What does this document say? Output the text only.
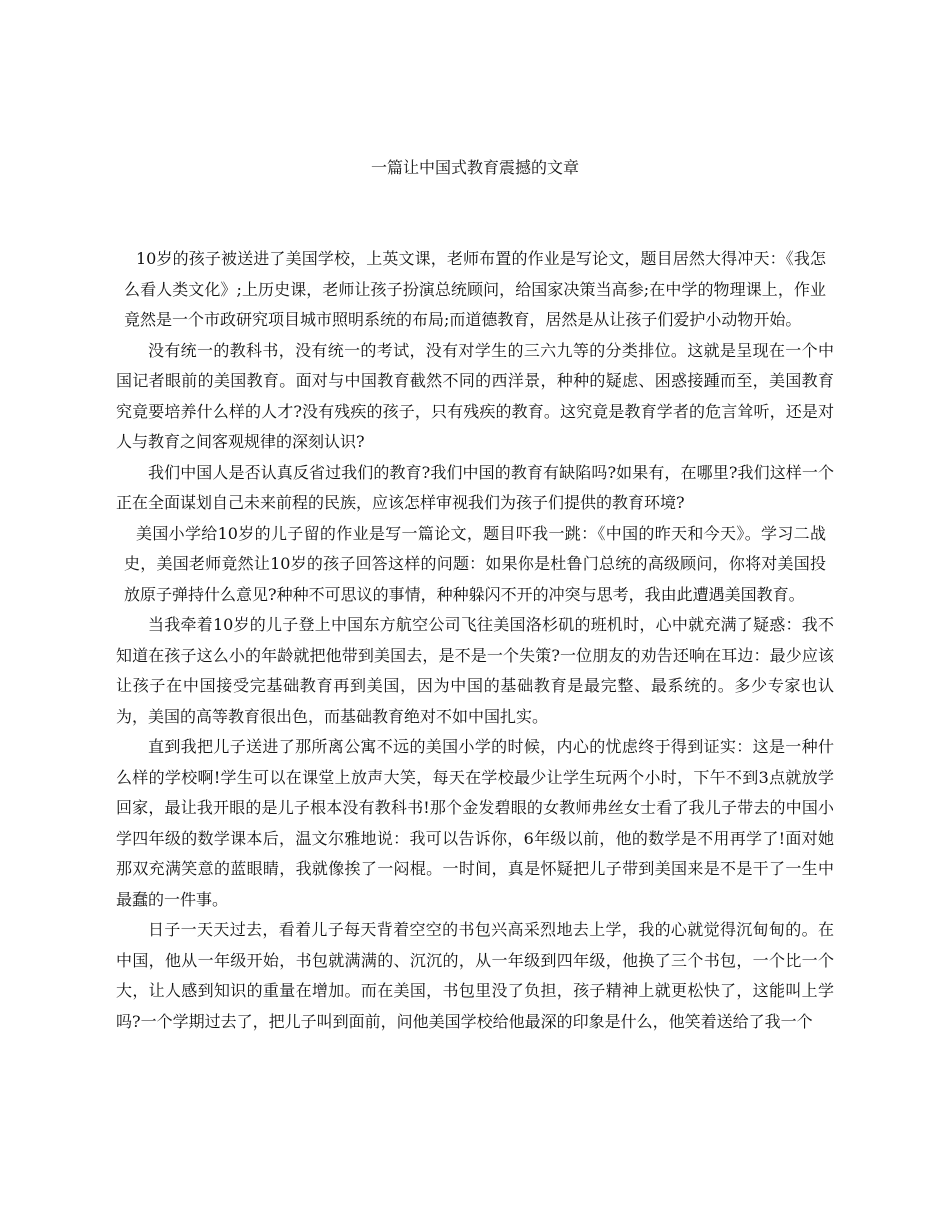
一篇让中国式教育震撼的文章

10岁的孩子被送进了美国学校，上英文课，老师布置的作业是写论文，题目居然大得冲天：《我怎么看人类文化》;上历史课，老师让孩子扮演总统顾问，给国家决策当高参;在中学的物理课上，作业竟然是一个市政研究项目城市照明系统的布局;而道德教育，居然是从让孩子们爱护小动物开始。

没有统一的教科书，没有统一的考试，没有对学生的三六九等的分类排位。这就是呈现在一个中国记者眼前的美国教育。面对与中国教育截然不同的西洋景，种种的疑虑、困惑接踵而至，美国教育究竟要培养什么样的人才?没有残疾的孩子，只有残疾的教育。这究竟是教育学者的危言耸听，还是对人与教育之间客观规律的深刻认识?

我们中国人是否认真反省过我们的教育?我们中国的教育有缺陷吗?如果有，在哪里?我们这样一个正在全面谋划自己未来前程的民族，应该怎样审视我们为孩子们提供的教育环境?

美国小学给10岁的儿子留的作业是写一篇论文，题目吓我一跳：《中国的昨天和今天》。学习二战史，美国老师竟然让10岁的孩子回答这样的问题：如果你是杜鲁门总统的高级顾问，你将对美国投放原子弹持什么意见?种种不可思议的事情，种种躲闪不开的冲突与思考，我由此遭遇美国教育。

当我牵着10岁的儿子登上中国东方航空公司飞往美国洛杉矶的班机时，心中就充满了疑惑：我不知道在孩子这么小的年龄就把他带到美国去，是不是一个失策?一位朋友的劝告还响在耳边：最少应该让孩子在中国接受完基础教育再到美国，因为中国的基础教育是最完整、最系统的。多少专家也认为，美国的高等教育很出色，而基础教育绝对不如中国扎实。

直到我把儿子送进了那所离公寓不远的美国小学的时候，内心的忧虑终于得到证实：这是一种什么样的学校啊!学生可以在课堂上放声大笑，每天在学校最少让学生玩两个小时，下午不到3点就放学回家，最让我开眼的是儿子根本没有教科书!那个金发碧眼的女教师弗丝女士看了我儿子带去的中国小学四年级的数学课本后，温文尔雅地说：我可以告诉你，6年级以前，他的数学是不用再学了!面对她那双充满笑意的蓝眼睛，我就像挨了一闷棍。一时间，真是怀疑把儿子带到美国来是不是干了一生中最蠢的一件事。

日子一天天过去，看着儿子每天背着空空的书包兴高采烈地去上学，我的心就觉得沉甸甸的。在中国，他从一年级开始，书包就满满的、沉沉的，从一年级到四年级，他换了三个书包，一个比一个大，让人感到知识的重量在增加。而在美国，书包里没了负担，孩子精神上就更松快了，这能叫上学吗?一个学期过去了，把儿子叫到面前，问他美国学校给他最深的印象是什么，他笑着送给了我一个
